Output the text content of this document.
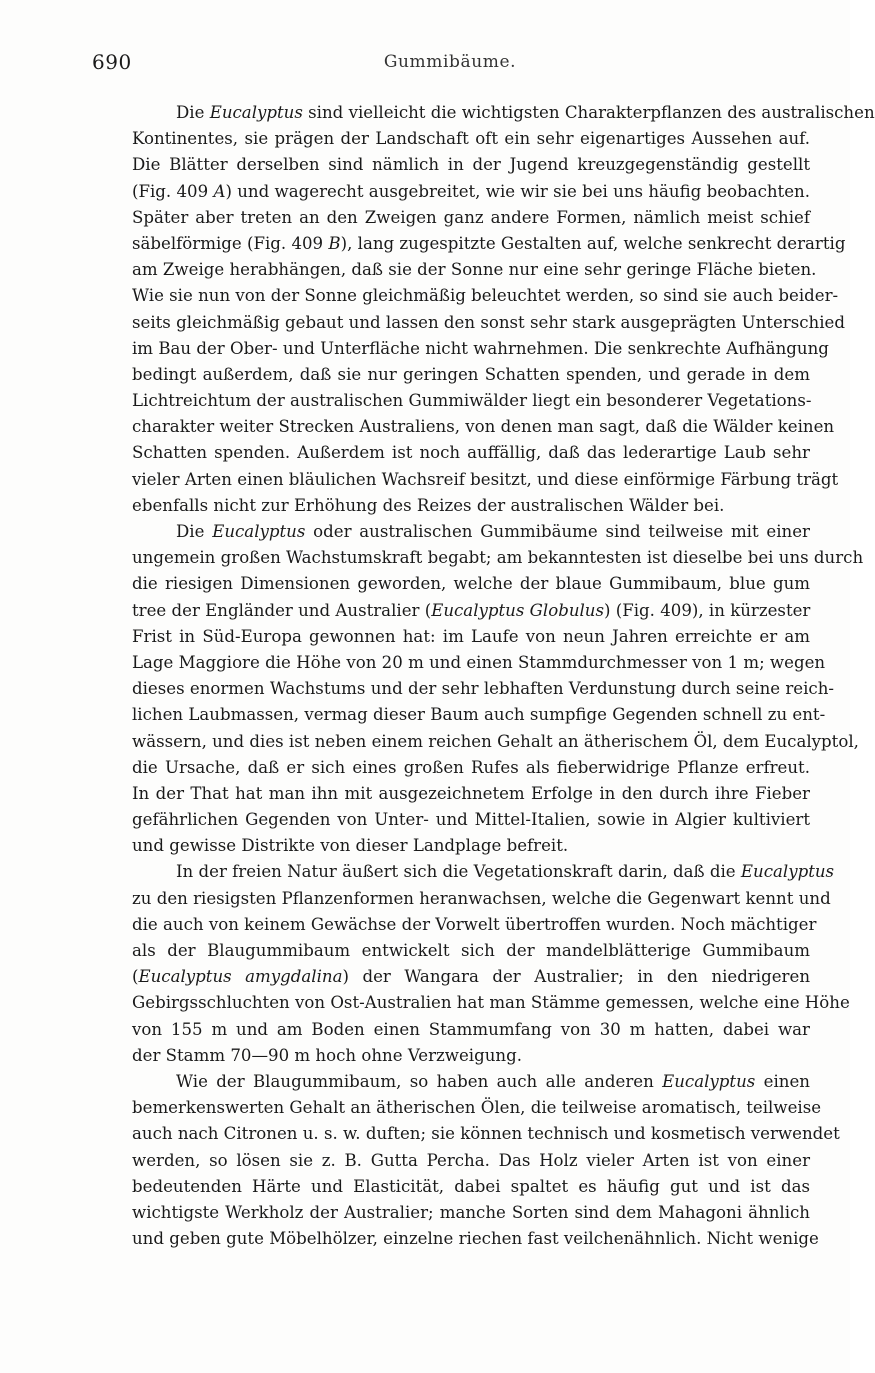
690	Gummibäume.
Die Eucalyptus sind vielleicht die wichtigsten Charakterpflanzen des australischen
Kontinentes, sie prägen der Landschaft oft ein sehr eigenartiges Aussehen auf.
Die Blätter derselben sind nämlich in der Jugend kreuzgegenständig gestellt
(Fig. 409 A) und wagerecht ausgebreitet, wie wir sie bei uns häufig beobachten.
Später aber treten an den Zweigen ganz andere Formen, nämlich meist schief
säbelförmige (Fig. 409 B), lang zugespitzte Gestalten auf, welche senkrecht derartig
am Zweige herabhängen, daß sie der Sonne nur eine sehr geringe Fläche bieten.
Wie sie nun von der Sonne gleichmäßig beleuchtet werden, so sind sie auch beider-
seits gleichmäßig gebaut und lassen den sonst sehr stark ausgeprägten Unterschied
im Bau der Ober- und Unterfläche nicht wahrnehmen. Die senkrechte Aufhängung
bedingt außerdem, daß sie nur geringen Schatten spenden, und gerade in dem
Lichtreichtum der australischen Gummiwälder liegt ein besonderer Vegetations-
charakter weiter Strecken Australiens, von denen man sagt, daß die Wälder keinen
Schatten spenden. Außerdem ist noch auffällig, daß das lederartige Laub sehr
vieler Arten einen bläulichen Wachsreif besitzt, und diese einförmige Färbung trägt
ebenfalls nicht zur Erhöhung des Reizes der australischen Wälder bei.
Die Eucalyptus oder australischen Gummibäume sind teilweise mit einer
ungemein großen Wachstumskraft begabt; am bekanntesten ist dieselbe bei uns durch
die riesigen Dimensionen geworden, welche der blaue Gummibaum, blue gum
tree der Engländer und Australier (Eucalyptus Globulus) (Fig. 409), in kürzester
Frist in Süd-Europa gewonnen hat: im Laufe von neun Jahren erreichte er am
Lage Maggiore die Höhe von 20 m und einen Stammdurchmesser von 1 m; wegen
dieses enormen Wachstums und der sehr lebhaften Verdunstung durch seine reich-
lichen Laubmassen, vermag dieser Baum auch sumpfige Gegenden schnell zu ent-
wässern, und dies ist neben einem reichen Gehalt an ätherischem Öl, dem Eucalyptol,
die Ursache, daß er sich eines großen Rufes als fieberwidrige Pflanze erfreut.
In der That hat man ihn mit ausgezeichnetem Erfolge in den durch ihre Fieber
gefährlichen Gegenden von Unter- und Mittel-Italien, sowie in Algier kultiviert
und gewisse Distrikte von dieser Landplage befreit.
In der freien Natur äußert sich die Vegetationskraft darin, daß die Eucalyptus
zu den riesigsten Pflanzenformen heranwachsen, welche die Gegenwart kennt und
die auch von keinem Gewächse der Vorwelt übertroffen wurden. Noch mächtiger
als der Blaugummibaum entwickelt sich der mandelblätterige Gummibaum
(Eucalyptus amygdalina) der Wangara der Australier; in den niedrigeren
Gebirgsschluchten von Ost-Australien hat man Stämme gemessen, welche eine Höhe
von 155 m und am Boden einen Stammumfang von 30 m hatten, dabei war
der Stamm 70—90 m hoch ohne Verzweigung.
Wie der Blaugummibaum, so haben auch alle anderen Eucalyptus einen
bemerkenswerten Gehalt an ätherischen Ölen, die teilweise aromatisch, teilweise
auch nach Citronen u. s. w. duften; sie können technisch und kosmetisch verwendet
werden, so lösen sie z. B. Gutta Percha. Das Holz vieler Arten ist von einer
bedeutenden Härte und Elasticität, dabei spaltet es häufig gut und ist das
wichtigste Werkholz der Australier; manche Sorten sind dem Mahagoni ähnlich
und geben gute Möbelhölzer, einzelne riechen fast veilchenähnlich. Nicht wenige
